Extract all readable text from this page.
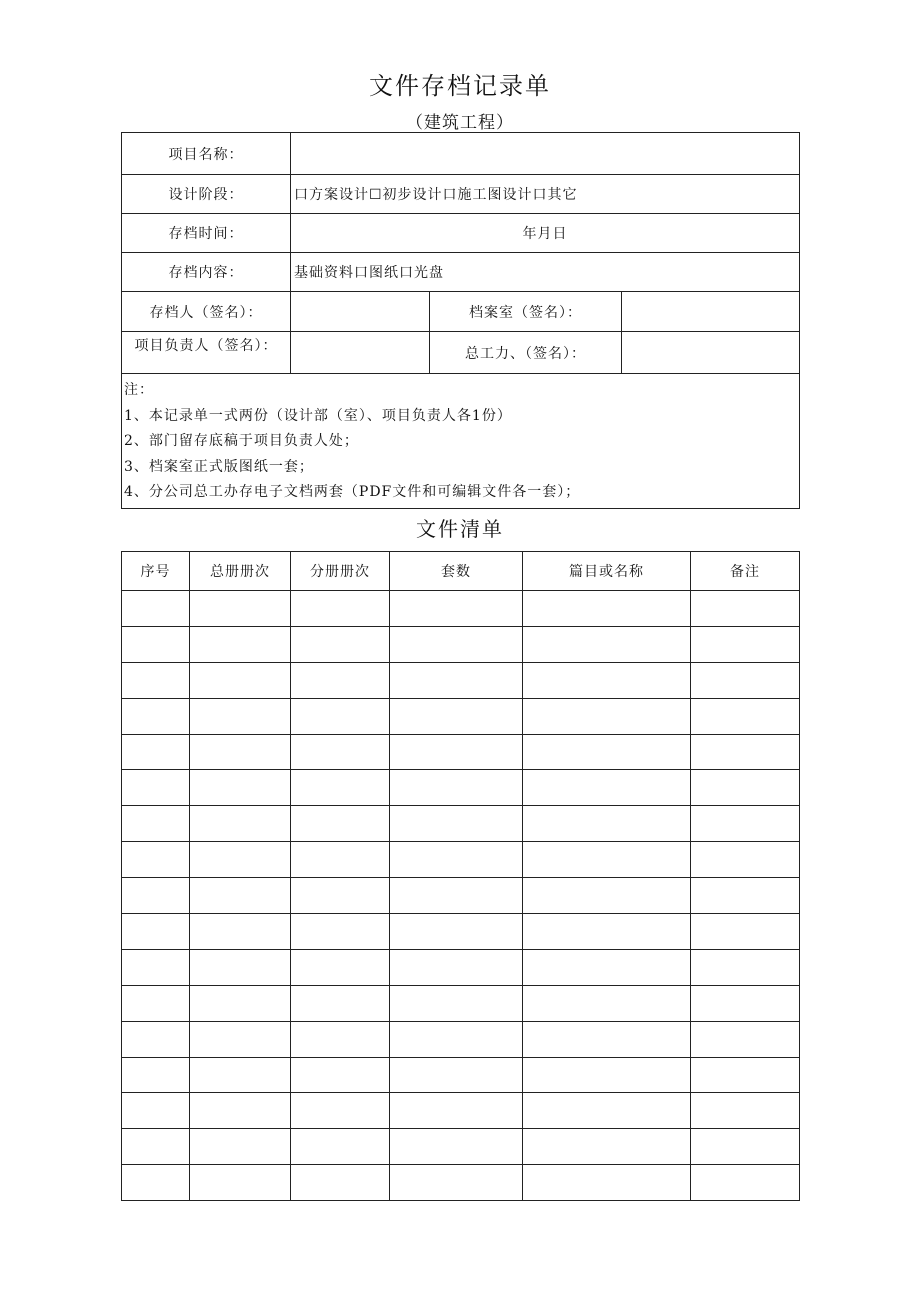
文件存档记录单
（建筑工程）
项目名称：			
设计阶段：	口方案设计☐初步设计口施工图设计口其它		
存档时间：	年月日		
存档内容：	基础资料口图纸口光盘		
存档人（签名）：		档案室（签名）：	
项目负责人（签名）：		总工力、（签名）：	

注：
1、本记录单一式两份（设计部（室）、项目负责人各1份）
2、部门留存底稿于项目负责人处；
3、档案室正式版图纸一套；
4、分公司总工办存电子文档两套（PDF文件和可编辑文件各一套）；			
文件清单
序号	总册册次	分册册次	套数	篇目或名称	备注
